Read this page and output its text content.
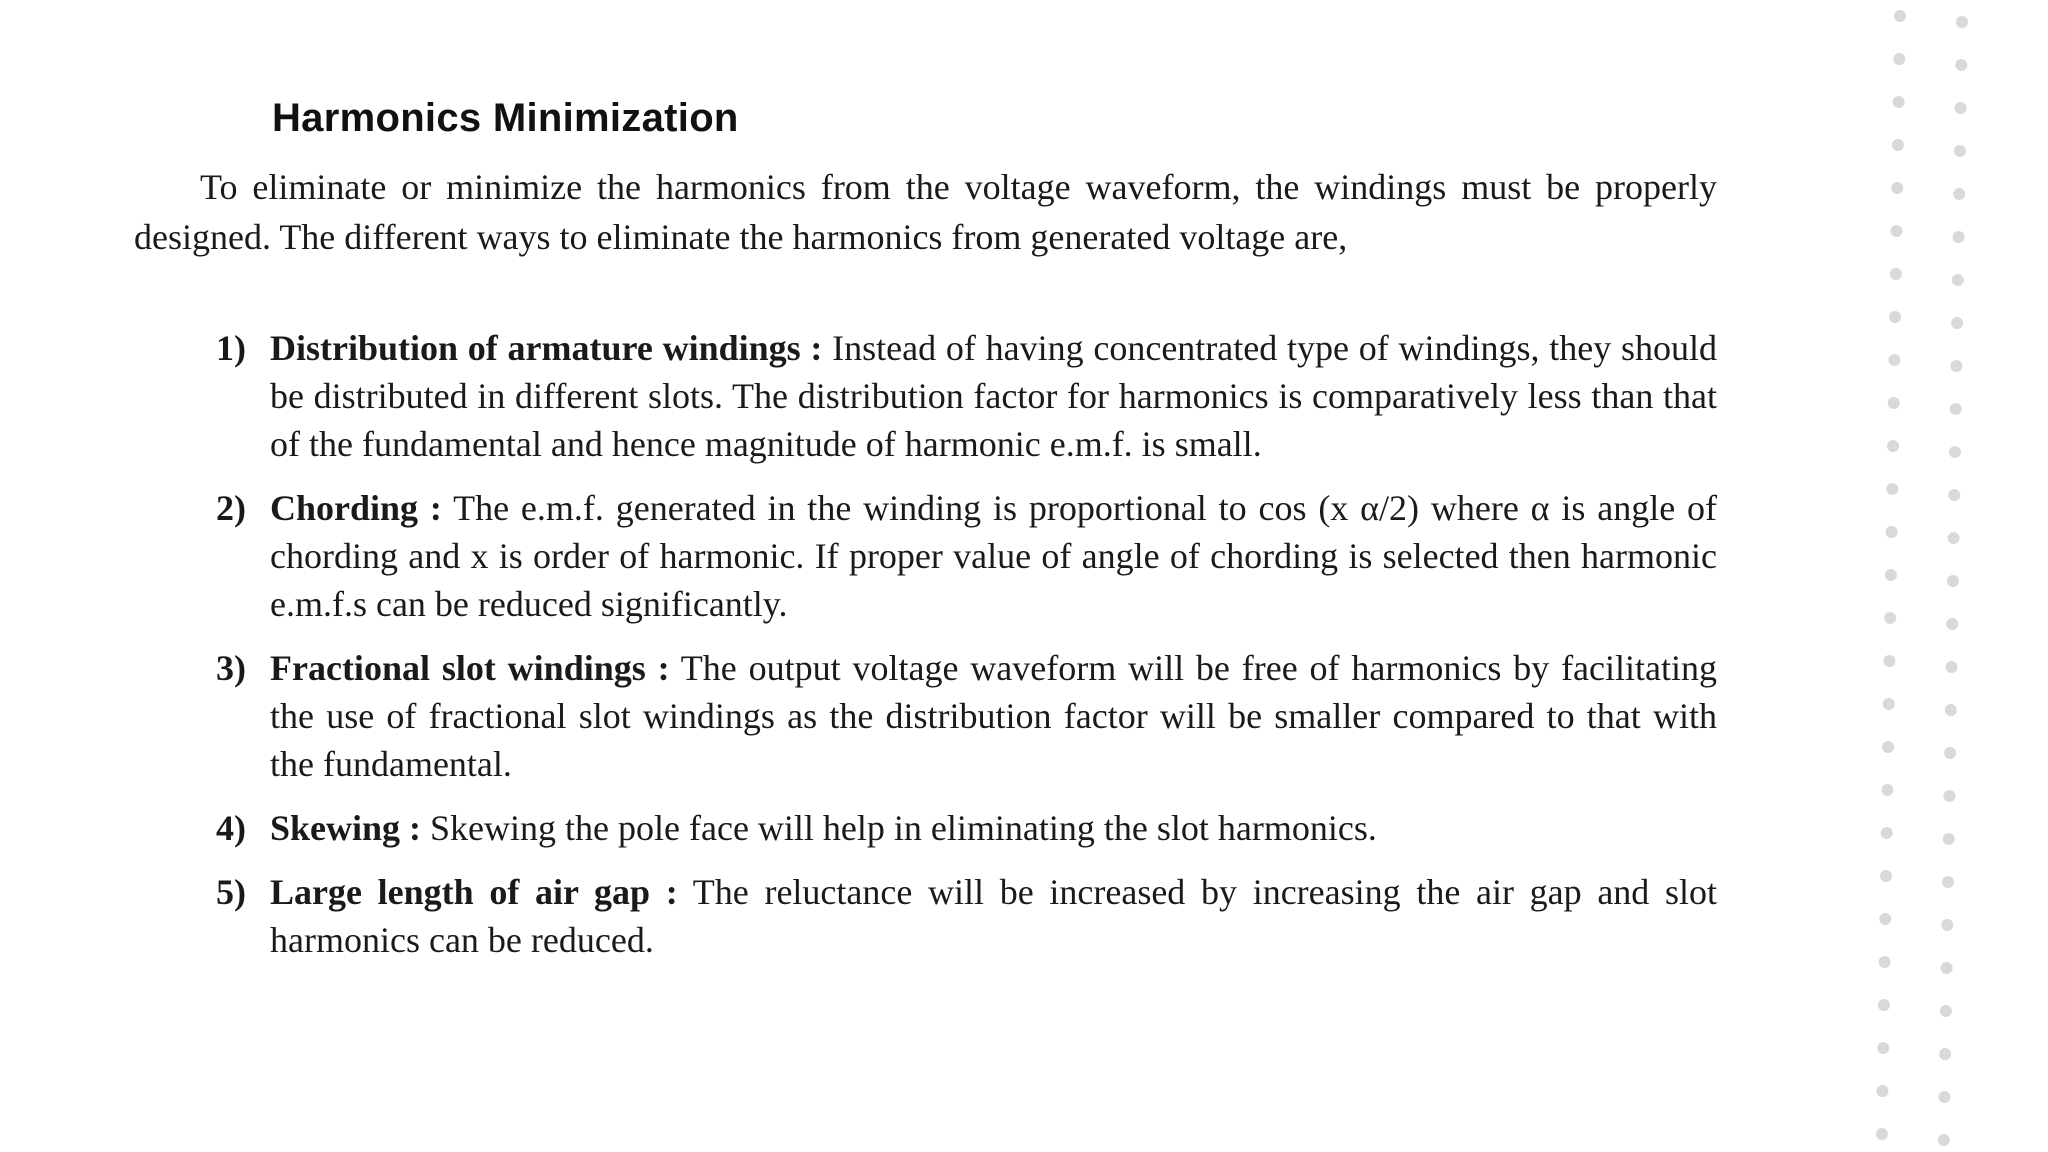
Harmonics Minimization

To eliminate or minimize the harmonics from the voltage waveform, the windings must be properly designed. The different ways to eliminate the harmonics from generated voltage are,

1) Distribution of armature windings : Instead of having concentrated type of windings, they should be distributed in different slots. The distribution factor for harmonics is comparatively less than that of the fundamental and hence magnitude of harmonic e.m.f. is small.
2) Chording : The e.m.f. generated in the winding is proportional to cos (x α/2) where α is angle of chording and x is order of harmonic. If proper value of angle of chording is selected then harmonic e.m.f.s can be reduced significantly.
3) Fractional slot windings : The output voltage waveform will be free of harmonics by facilitating the use of fractional slot windings as the distribution factor will be smaller compared to that with the fundamental.
4) Skewing : Skewing the pole face will help in eliminating the slot harmonics.
5) Large length of air gap : The reluctance will be increased by increasing the air gap and slot harmonics can be reduced.
